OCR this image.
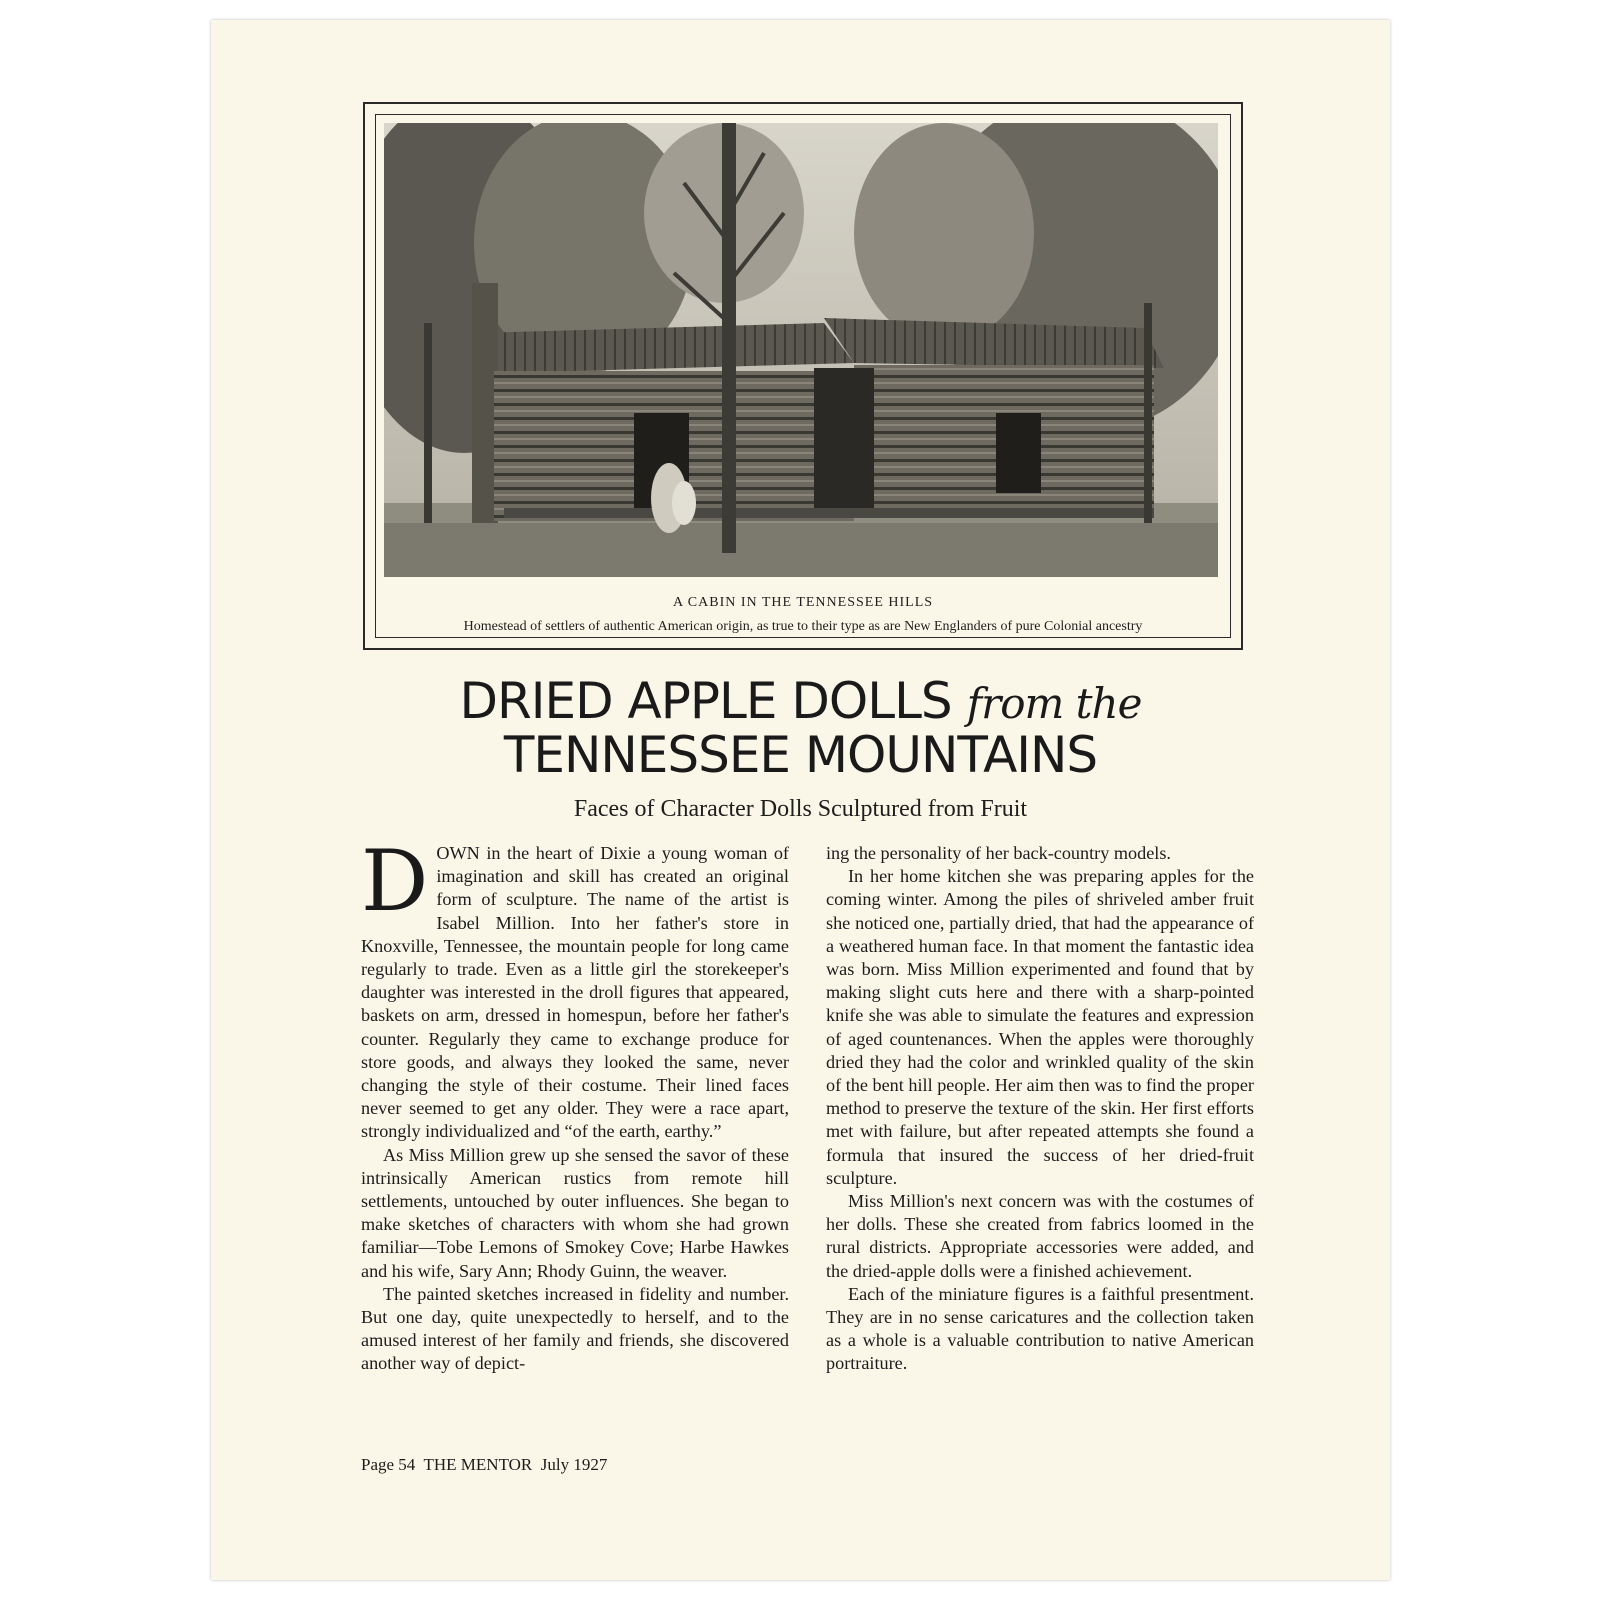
A CABIN IN THE TENNESSEE HILLS
Homestead of settlers of authentic American origin, as true to their type as are New Englanders of pure Colonial ancestry
DRIED APPLE DOLLS from the
TENNESSEE MOUNTAINS
Faces of Character Dolls Sculptured from Fruit

DOWN in the heart of Dixie a young woman of imagination and skill has created an original form of sculpture. The name of the artist is Isabel Million. Into her father's store in Knoxville, Tennessee, the mountain people for long came regularly to trade. Even as a little girl the storekeeper's daughter was interested in the droll figures that appeared, baskets on arm, dressed in homespun, before her father's counter. Regularly they came to exchange produce for store goods, and always they looked the same, never changing the style of their costume. Their lined faces never seemed to get any older. They were a race apart, strongly individualized and “of the earth, earthy.”

As Miss Million grew up she sensed the savor of these intrinsically American rustics from remote hill settlements, untouched by outer influences. She began to make sketches of characters with whom she had grown familiar—Tobe Lemons of Smokey Cove; Harbe Hawkes and his wife, Sary Ann; Rhody Guinn, the weaver.

The painted sketches increased in fidelity and number. But one day, quite unexpectedly to herself, and to the amused interest of her family and friends, she discovered another way of depict-

ing the personality of her back-country models.

In her home kitchen she was preparing apples for the coming winter. Among the piles of shriveled amber fruit she noticed one, partially dried, that had the appearance of a weathered human face. In that moment the fantastic idea was born. Miss Million experimented and found that by making slight cuts here and there with a sharp-pointed knife she was able to simulate the features and expression of aged countenances. When the apples were thoroughly dried they had the color and wrinkled quality of the skin of the bent hill people. Her aim then was to find the proper method to preserve the texture of the skin. Her first efforts met with failure, but after repeated attempts she found a formula that insured the success of her dried-fruit sculpture.

Miss Million's next concern was with the costumes of her dolls. These she created from fabrics loomed in the rural districts. Appropriate accessories were added, and the dried-apple dolls were a finished achievement.

Each of the miniature figures is a faithful presentment. They are in no sense caricatures and the collection taken as a whole is a valuable contribution to native American portraiture.

Page 54 THE MENTOR July 1927
